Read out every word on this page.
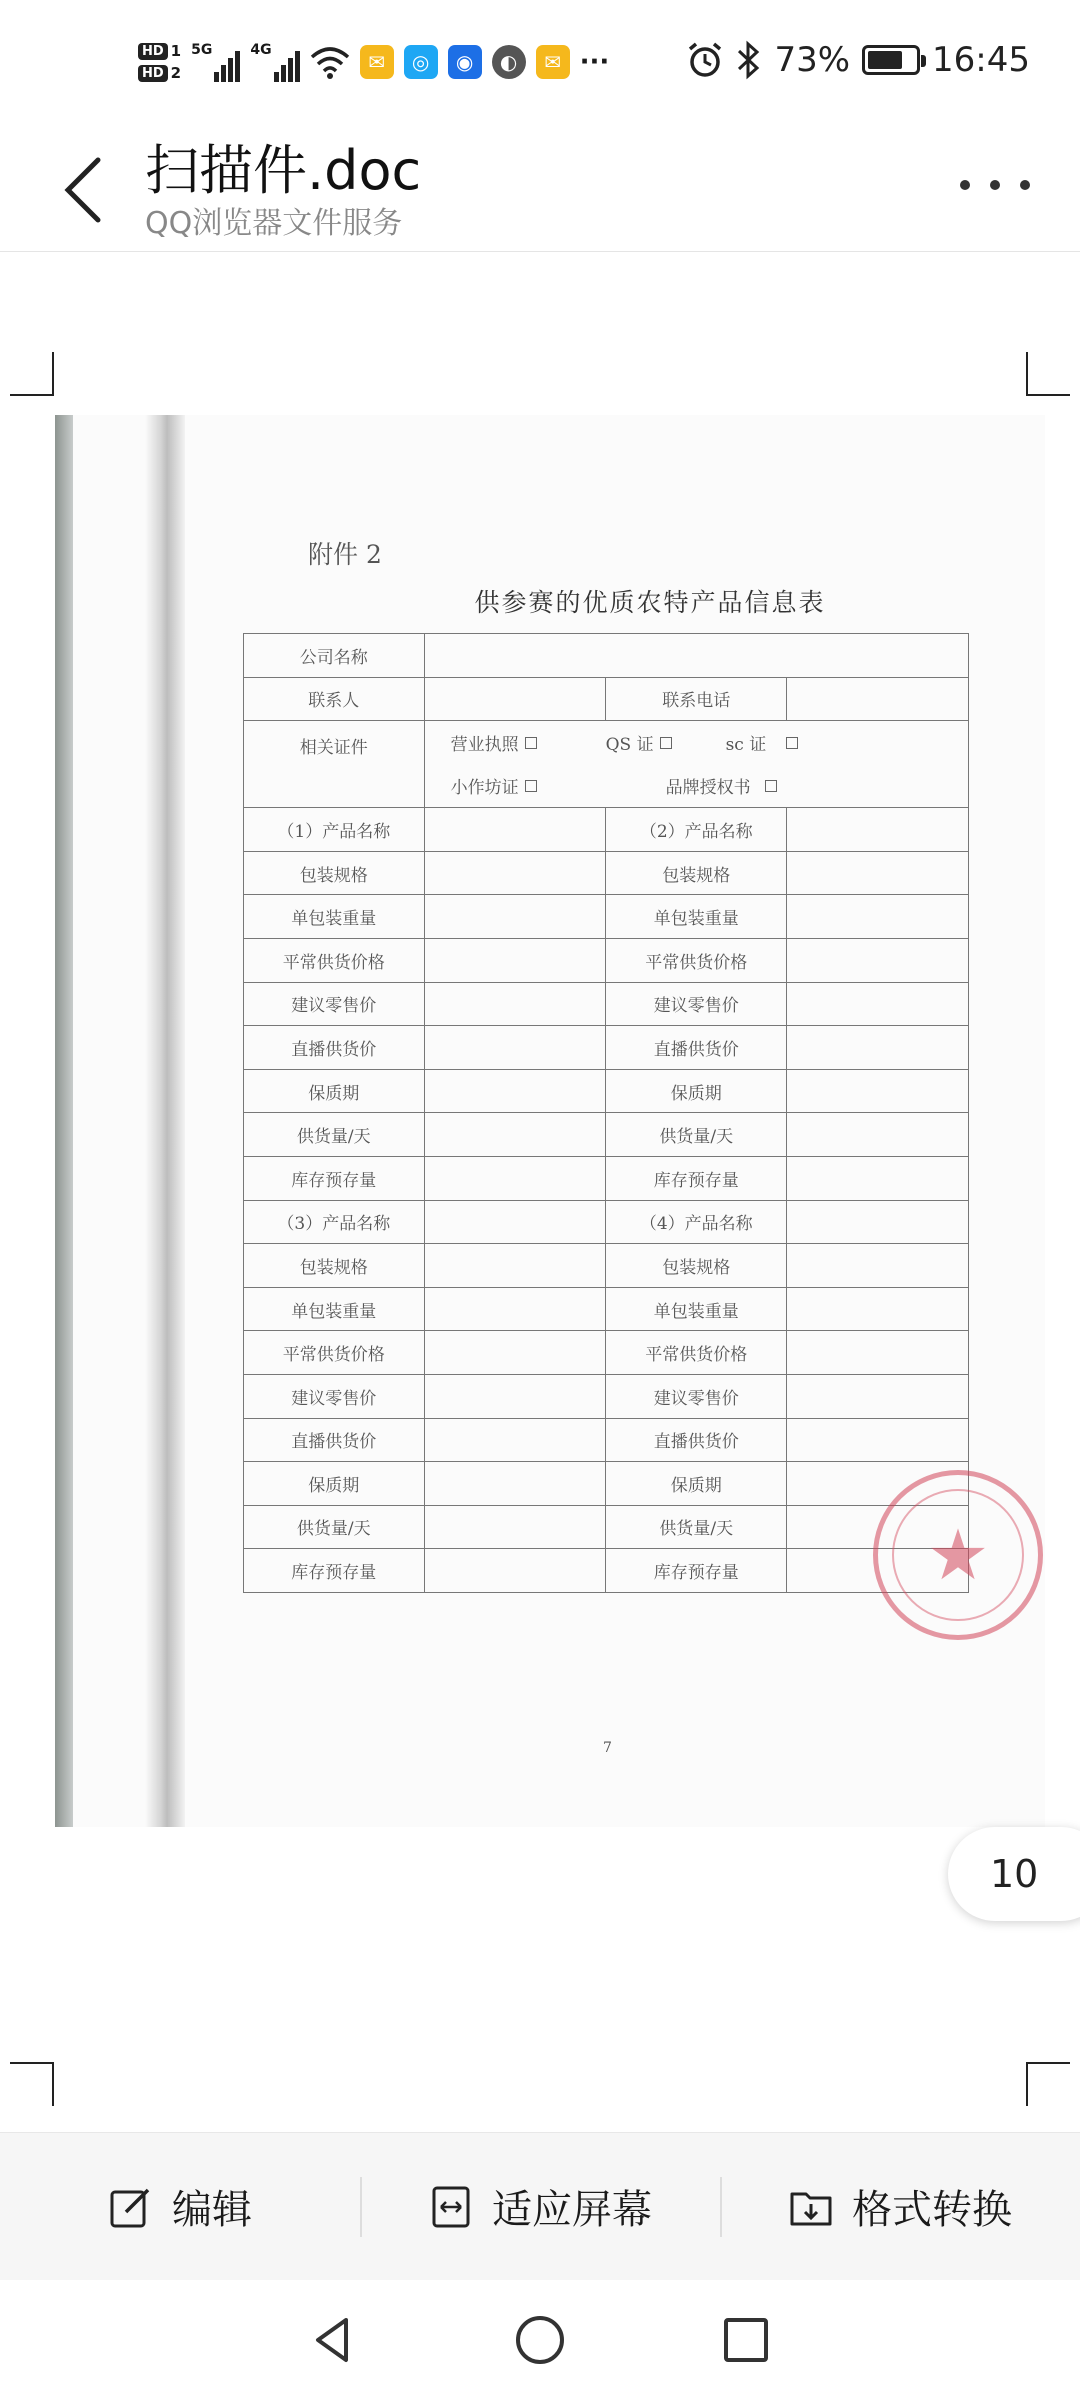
HD 1
HD 2
5G	4G	✉	◎	◉	◐	✉ ···	73% 16:45
扫描件.doc
QQ浏览器文件服务
附件 2
供参赛的优质农特产品信息表
公司名称			
联系人		联系电话	
相关证件	营业执照 QS 证 sc 证
小作坊证 品牌授权书		

（1）产品名称		（2）产品名称	
包装规格		包装规格	
单包装重量		单包装重量	
平常供货价格		平常供货价格	
建议零售价		建议零售价	
直播供货价		直播供货价	
保质期		保质期	
供货量/天		供货量/天	
库存预存量		库存预存量	
（3）产品名称		（4）产品名称	
包装规格		包装规格	
单包装重量		单包装重量	
平常供货价格		平常供货价格	
建议零售价		建议零售价	
直播供货价		直播供货价	
保质期		保质期	
供货量/天		供货量/天	
库存预存量		库存预存量	
7
★
10
编辑	适应屏幕	格式转换
